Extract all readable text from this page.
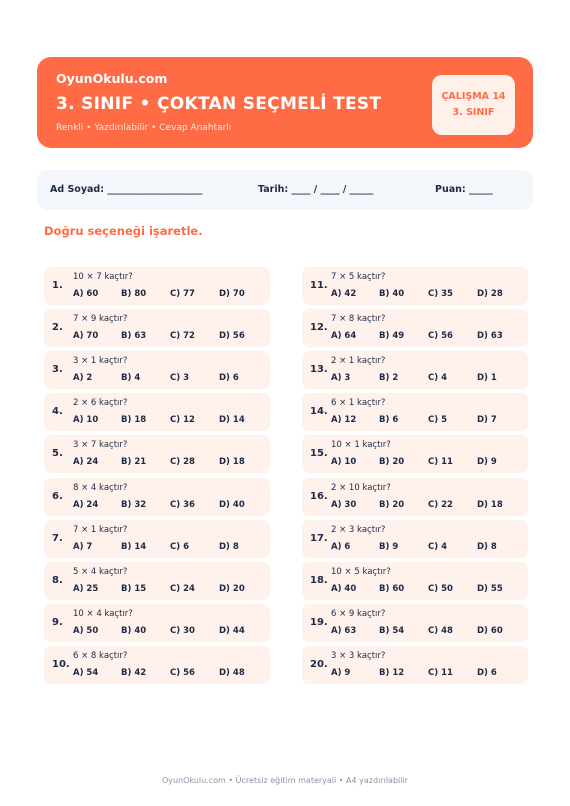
OyunOkulu.com
3. SINIF • ÇOKTAN SEÇMELİ TEST
Renkli • Yazdırılabilir • Cevap Anahtarlı
ÇALIŞMA 14
3. SINIF
Ad Soyad: ____________________	Tarih: ____ / ____ / _____	Puan: _____
Doğru seçeneği işaretle.
1.
10 × 7 kaçtır?
A) 60	B) 80	C) 77	D) 70
2.
7 × 9 kaçtır?
A) 70	B) 63	C) 72	D) 56
3.
3 × 1 kaçtır?
A) 2	B) 4	C) 3	D) 6
4.
2 × 6 kaçtır?
A) 10	B) 18	C) 12	D) 14
5.
3 × 7 kaçtır?
A) 24	B) 21	C) 28	D) 18
6.
8 × 4 kaçtır?
A) 24	B) 32	C) 36	D) 40
7.
7 × 1 kaçtır?
A) 7	B) 14	C) 6	D) 8
8.
5 × 4 kaçtır?
A) 25	B) 15	C) 24	D) 20
9.
10 × 4 kaçtır?
A) 50	B) 40	C) 30	D) 44
10.
6 × 8 kaçtır?
A) 54	B) 42	C) 56	D) 48
11.
7 × 5 kaçtır?
A) 42	B) 40	C) 35	D) 28
12.
7 × 8 kaçtır?
A) 64	B) 49	C) 56	D) 63
13.
2 × 1 kaçtır?
A) 3	B) 2	C) 4	D) 1
14.
6 × 1 kaçtır?
A) 12	B) 6	C) 5	D) 7
15.
10 × 1 kaçtır?
A) 10	B) 20	C) 11	D) 9
16.
2 × 10 kaçtır?
A) 30	B) 20	C) 22	D) 18
17.
2 × 3 kaçtır?
A) 6	B) 9	C) 4	D) 8
18.
10 × 5 kaçtır?
A) 40	B) 60	C) 50	D) 55
19.
6 × 9 kaçtır?
A) 63	B) 54	C) 48	D) 60
20.
3 × 3 kaçtır?
A) 9	B) 12	C) 11	D) 6
OyunOkulu.com • Ücretsiz eğitim materyali • A4 yazdırılabilir
